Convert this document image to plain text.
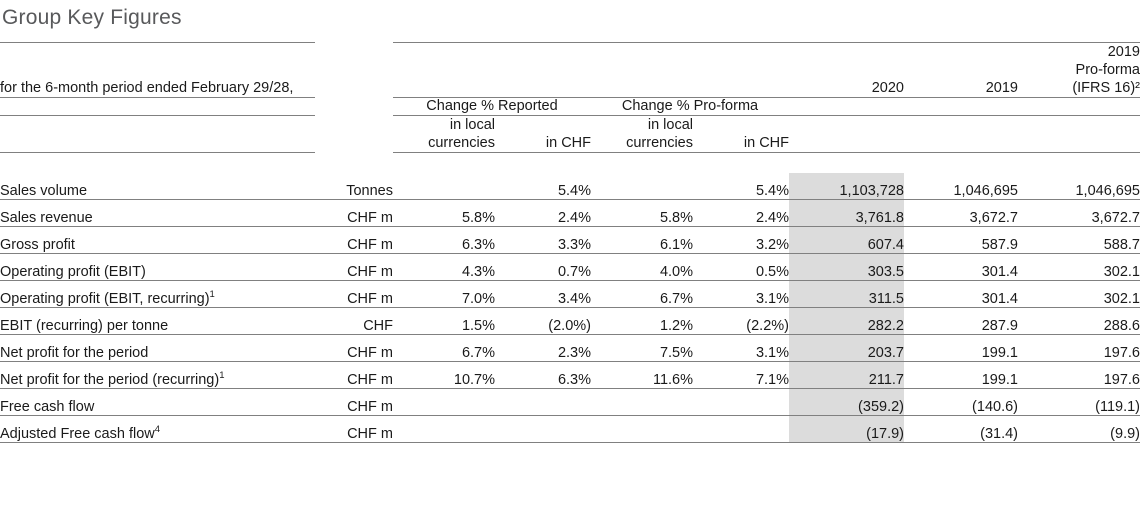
Group Key Figures

for the 6-month period ended February 29/28,						2020	2019	2019
Pro-forma
(IFRS 16)²

		Change % Reported		Change % Pro-forma				

in local
currencies	in CHF	
in local
currencies	in CHF			

Sales volume	Tonnes		5.4%		5.4%	1,103,728	1,046,695	1,046,695
Sales revenue	CHF m	5.8%	2.4%	5.8%	2.4%	3,761.8	3,672.7	3,672.7
Gross profit	CHF m	6.3%	3.3%	6.1%	3.2%	607.4	587.9	588.7
Operating profit (EBIT)	CHF m	4.3%	0.7%	4.0%	0.5%	303.5	301.4	302.1
Operating profit (EBIT, recurring)$^1$	CHF m	7.0%	3.4%	6.7%	3.1%	311.5	301.4	302.1
EBIT (recurring) per tonne	CHF	1.5%	(2.0%)	1.2%	(2.2%)	282.2	287.9	288.6
Net profit for the period	CHF m	6.7%	2.3%	7.5%	3.1%	203.7	199.1	197.6
Net profit for the period (recurring)$^1$	CHF m	10.7%	6.3%	11.6%	7.1%	211.7	199.1	197.6
Free cash flow	CHF m					(359.2)	(140.6)	(119.1)
Adjusted Free cash flow$^4$	CHF m					(17.9)	(31.4)	(9.9)
